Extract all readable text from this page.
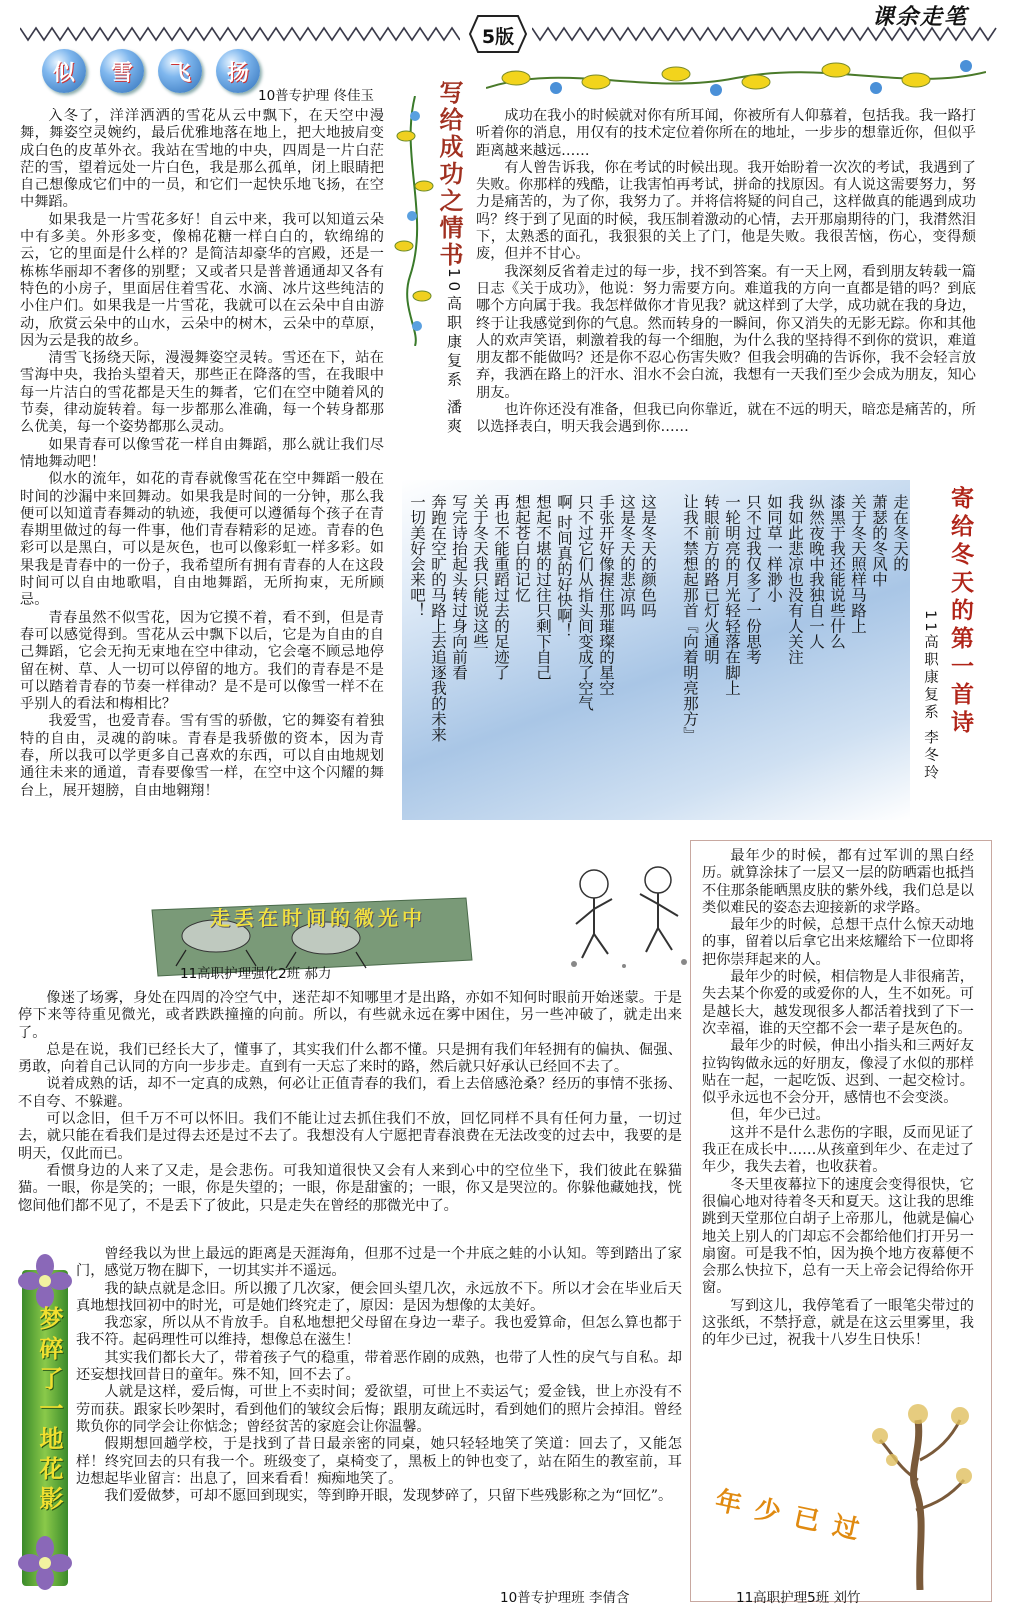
5版
课余走笔
似	雪	飞	扬
10普专护理 佟佳玉

入冬了，洋洋洒洒的雪花从云中飘下，在天空中漫舞，舞姿空灵婉约，最后优雅地落在地上，把大地披肩变成白色的皮革外衣。我站在雪地的中央，四周是一片白茫茫的雪，望着远处一片白色，我是那么孤单，闭上眼睛把自己想像成它们中的一员，和它们一起快乐地飞扬，在空中舞蹈。

如果我是一片雪花多好！自云中来，我可以知道云朵中有多美。外形多变，像棉花糖一样白白的，软绵绵的云，它的里面是什么样的？是简洁却豪华的宫殿，还是一栋栋华丽却不奢侈的别墅；又或者只是普普通通却又各有特色的小房子，里面居住着雪花、水滴、冰片这些纯洁的小住户们。如果我是一片雪花，我就可以在云朵中自由游动，欣赏云朵中的山水，云朵中的树木，云朵中的草原，因为云是我的故乡。

清雪飞扬绕天际，漫漫舞姿空灵转。雪还在下，站在雪海中央，我抬头望着天，那些正在降落的雪，在我眼中每一片洁白的雪花都是天生的舞者，它们在空中随着风的节奏，律动旋转着。每一步都那么准确，每一个转身都那么优美，每一个姿势都那么灵动。

如果青春可以像雪花一样自由舞蹈，那么就让我们尽情地舞动吧！

似水的流年，如花的青春就像雪花在空中舞蹈一般在时间的沙漏中来回舞动。如果我是时间的一分钟，那么我便可以知道青春舞动的轨迹，我便可以遵循每个孩子在青春期里做过的每一件事，他们青春精彩的足迹。青春的色彩可以是黑白，可以是灰色，也可以像彩虹一样多彩。如果我是青春中的一份子，我希望所有拥有青春的人在这段时间可以自由地歌唱，自由地舞蹈，无所拘束，无所顾忌。

青春虽然不似雪花，因为它摸不着，看不到，但是青春可以感觉得到。雪花从云中飘下以后，它是为自由的自己舞蹈，它会无拘无束地在空中律动，它会毫不顾忌地停留在树、草、人一切可以停留的地方。我们的青春是不是可以踏着青春的节奏一样律动？是不是可以像雪一样不在乎别人的看法和梅相比？

我爱雪，也爱青春。雪有雪的骄傲，它的舞姿有着独特的自由，灵魂的韵味。青春是我骄傲的资本，因为青春，所以我可以学更多自己喜欢的东西，可以自由地规划通往未来的通道，青春要像雪一样，在空中这个闪耀的舞台上，展开翅膀，自由地翱翔！

写给成功之情书
10高职康复系 潘爽

成功在我小的时候就对你有所耳闻，你被所有人仰慕着，包括我。我一路打听着你的消息，用仅有的技术定位着你所在的地址，一步步的想靠近你，但似乎距离越来越远……

有人曾告诉我，你在考试的时候出现。我开始盼着一次次的考试，我遇到了失败。你那样的残酷，让我害怕再考试，拼命的找原因。有人说这需要努力，努力是痛苦的，为了你，我努力了。并将信将疑的问自己，这样做真的能遇到成功吗？终于到了见面的时候，我压制着激动的心情，去开那扇期待的门，我潸然泪下，太熟悉的面孔，我狠狠的关上了门，他是失败。我很苦恼，伤心，变得颓废，但并不甘心。

我深刻反省着走过的每一步，找不到答案。有一天上网，看到朋友转载一篇日志《关于成功》，他说：努力需要方向。难道我的方向一直都是错的吗？到底哪个方向属于我。我怎样做你才肯见我？就这样到了大学，成功就在我的身边，终于让我感觉到你的气息。然而转身的一瞬间，你又消失的无影无踪。你和其他人的欢声笑语，刺激着我的每一个细胞，为什么我的坚持得不到你的赏识，难道朋友都不能做吗？还是你不忍心伤害失败？但我会明确的告诉你，我不会轻言放弃，我洒在路上的汗水、泪水不会白流，我想有一天我们至少会成为朋友，知心朋友。

也许你还没有准备，但我已向你靠近，就在不远的明天，暗恋是痛苦的，所以选择表白，明天我会遇到你……

走在冬天的
萧瑟的冬风中
关于冬天照样马路上
漆黑于我还能说些什么
纵然夜晚中我独自一人
我如此悲凉也没有人关注
如同草一样渺小
只不过我仅多了一份思考
一轮明亮的月光轻轻落在脚上
转眼前方的路已灯火通明
让我不禁想起那首『向着明亮那方』

这是冬天的颜色吗
这是冬天的悲凉吗
手张开好像握住那璀璨的星空
只不过它们从指头间变成了空气
啊 时间真的好快啊！
想起不堪的过往只剩下自己
想起苍白的记忆
再也不能重蹈过去的足迹了
关于冬天我只能说这些
写完诗抬起头转过身向前看
奔跑在空旷的马路上去追逐我的未来
一切美好会来吧！	寄给冬天的第一首诗
11高职康复系 李冬玲
走丢在时间的微光中
11高职护理强化2班 郝力

像迷了场雾，身处在四周的冷空气中，迷茫却不知哪里才是出路，亦如不知何时眼前开始迷蒙。于是停下来等待重见微光，或者跌跌撞撞的向前。所以，有些就永远在雾中困住，另一些冲破了，就走出来了。

总是在说，我们已经长大了，懂事了，其实我们什么都不懂。只是拥有我们年轻拥有的偏执、倔强、勇敢，向着自己认同的方向一步步走。直到有一天忘了来时的路，然后就只好承认已经回不去了。

说着成熟的话，却不一定真的成熟，何必让正值青春的我们，看上去倍感沧桑？经历的事情不张扬、不自夸、不躲避。

可以念旧，但千万不可以怀旧。我们不能让过去抓住我们不放，回忆同样不具有任何力量，一切过去，就只能在看我们是过得去还是过不去了。我想没有人宁愿把青春浪费在无法改变的过去中，我要的是明天，仅此而已。

看惯身边的人来了又走，是会悲伤。可我知道很快又会有人来到心中的空位坐下，我们彼此在躲猫猫。一眼，你是笑的；一眼，你是失望的；一眼，你是甜蜜的；一眼，你又是哭泣的。你躲他藏她找，恍惚间他们都不见了，不是丢下了彼此，只是走失在曾经的那微光中了。

最年少的时候，都有过军训的黑白经历。就算涂抹了一层又一层的防晒霜也抵挡不住那条能晒黑皮肤的紫外线，我们总是以类似难民的姿态去迎接新的求学路。

最年少的时候，总想干点什么惊天动地的事，留着以后拿它出来炫耀给下一位即将把你崇拜起来的人。

最年少的时候，相信物是人非很痛苦，失去某个你爱的或爱你的人，生不如死。可是越长大，越发现很多人都活着找到了下一次幸福，谁的天空都不会一辈子是灰色的。

最年少的时候，伸出小指头和三两好友拉钩钩做永远的好朋友，像浸了水似的那样贴在一起，一起吃饭、迟到、一起交检讨。似乎永远也不会分开，感情也不会变淡。

但，年少已过。

这并不是什么悲伤的字眼，反而见证了我正在成长中……从孩童到年少、在走过了年少，我失去着，也收获着。

冬天里夜幕拉下的速度会变得很快，它很偏心地对待着冬天和夏天。这让我的思维跳到天堂那位白胡子上帝那儿，他就是偏心地关上别人的门却忘不会都给他们打开另一扇窗。可是我不怕，因为换个地方夜幕便不会那么快拉下，总有一天上帝会记得给你开窗。

写到这儿，我停笔看了一眼笔尖带过的这张纸，不禁抒意，就是在这云里雾里，我的年少已过，祝我十八岁生日快乐！

年少已过
11高职护理5班 刘竹
梦碎了一地花影

曾经我以为世上最远的距离是天涯海角，但那不过是一个井底之蛙的小认知。等到踏出了家门，感觉万物在脚下，一切其实并不遥远。

我的缺点就是念旧。所以搬了几次家，便会回头望几次，永远放不下。所以才会在毕业后天真地想找回初中的时光，可是她们终究走了，原因：是因为想像的太美好。

我恋家，所以从不肯放手。自私地想把父母留在身边一辈子。我也爱算命，但怎么算也都于我不符。起码理性可以维持，想像总在滋生！

其实我们都长大了，带着孩子气的稳重，带着恶作剧的成熟，也带了人性的戾气与自私。却还妄想找回昔日的童年。殊不知，回不去了。

人就是这样，爱后悔，可世上不卖时间；爱欲望，可世上不卖运气；爱金钱，世上亦没有不劳而获。跟家长吵架时，看到他们的皱纹会后悔；跟朋友疏远时，看到她们的照片会掉泪。曾经欺负你的同学会让你惦念；曾经贫苦的家庭会让你温馨。

假期想回趟学校，于是找到了昔日最亲密的同桌，她只轻轻地笑了笑道：回去了，又能怎样！终究回去的只有我一个。班级变了，桌椅变了，黑板上的钟也变了，站在陌生的教室前，耳边想起毕业留言：出息了，回来看看！痴痴地笑了。

我们爱做梦，可却不愿回到现实，等到睁开眼，发现梦碎了，只留下些残影称之为“回忆”。

10普专护理班 李倩含
